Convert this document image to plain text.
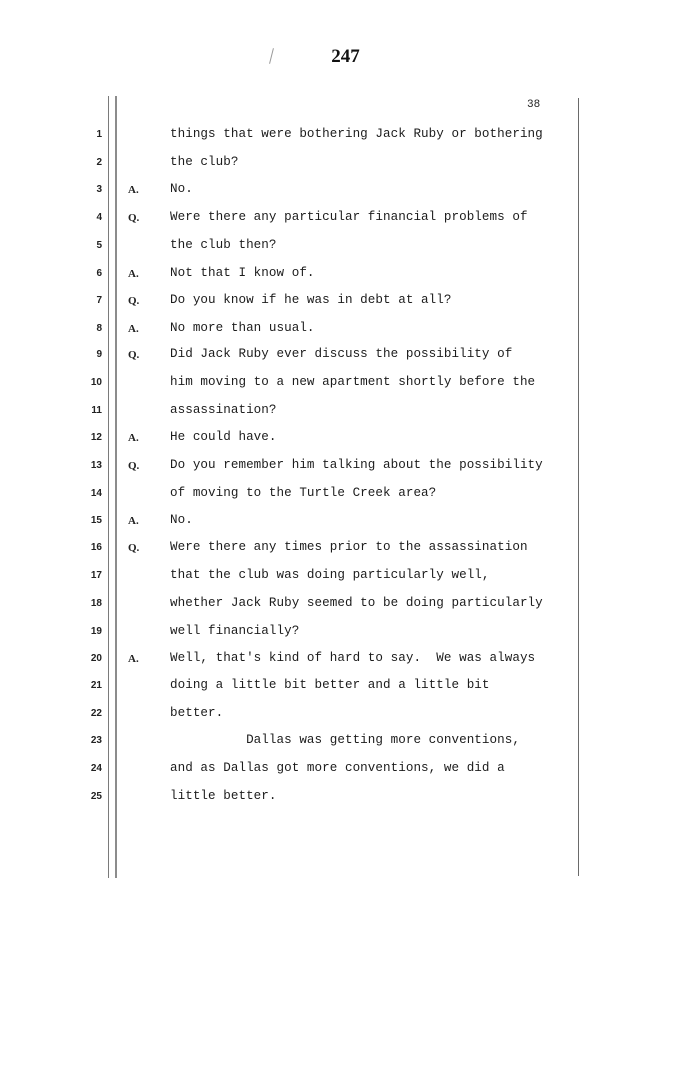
247
38
1	things that were bothering Jack Ruby or bothering
2	the club?
3 A. No.
4 Q. Were there any particular financial problems of
5	the club then?
6 A. Not that I know of.
7 Q. Do you know if he was in debt at all?
8 A. No more than usual.
9 Q. Did Jack Ruby ever discuss the possibility of
10	him moving to a new apartment shortly before the
11	assassination?
12 A. He could have.
13 Q. Do you remember him talking about the possibility
14	of moving to the Turtle Creek area?
15 A. No.
16 Q. Were there any times prior to the assassination
17	that the club was doing particularly well,
18	whether Jack Ruby seemed to be doing particularly
19	well financially?
20 A. Well, that's kind of hard to say.  We was always
21	doing a little bit better and a little bit
22	better.
23	Dallas was getting more conventions,
24	and as Dallas got more conventions, we did a
25	little better.
